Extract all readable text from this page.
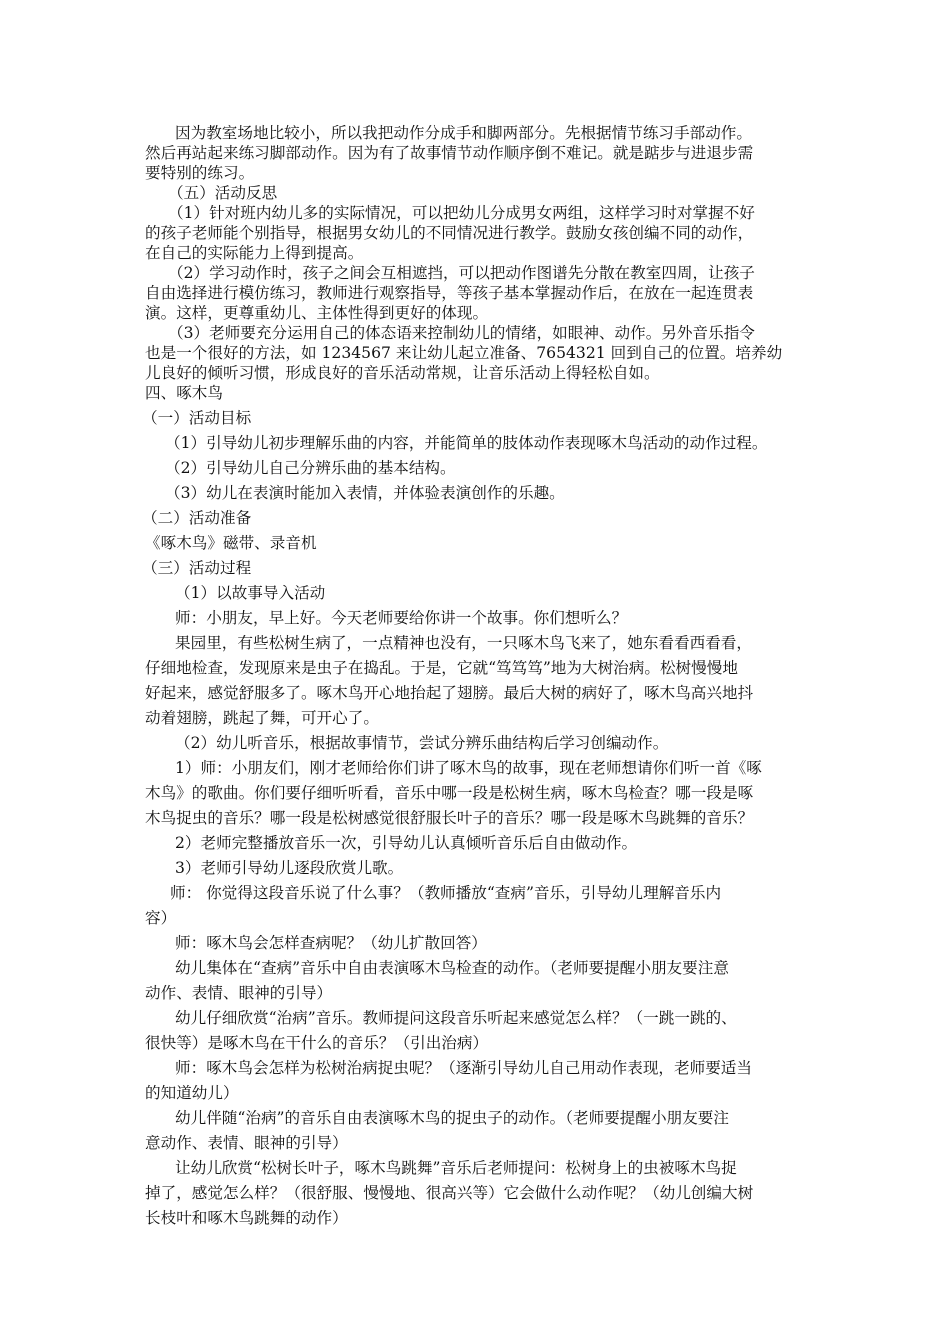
因为教室场地比较小，所以我把动作分成手和脚两部分。先根据情节练习手部动作。

然后再站起来练习脚部动作。因为有了故事情节动作顺序倒不难记。就是踮步与进退步需

要特别的练习。

（五）活动反思

（1）针对班内幼儿多的实际情况，可以把幼儿分成男女两组，这样学习时对掌握不好

的孩子老师能个别指导，根据男女幼儿的不同情况进行教学。鼓励女孩创编不同的动作，

在自己的实际能力上得到提高。

（2）学习动作时，孩子之间会互相遮挡，可以把动作图谱先分散在教室四周，让孩子

自由选择进行模仿练习，教师进行观察指导，等孩子基本掌握动作后，在放在一起连贯表

演。这样，更尊重幼儿、主体性得到更好的体现。

（3）老师要充分运用自己的体态语来控制幼儿的情绪，如眼神、动作。另外音乐指令

也是一个很好的方法，如 1234567 来让幼儿起立准备、7654321 回到自己的位置。培养幼

儿良好的倾听习惯，形成良好的音乐活动常规，让音乐活动上得轻松自如。

四、啄木鸟

（一）活动目标

（1）引导幼儿初步理解乐曲的内容，并能简单的肢体动作表现啄木鸟活动的动作过程。

（2）引导幼儿自己分辨乐曲的基本结构。

（3）幼儿在表演时能加入表情，并体验表演创作的乐趣。

（二）活动准备

《啄木鸟》磁带、录音机

（三）活动过程

（1）以故事导入活动

师：小朋友，早上好。今天老师要给你讲一个故事。你们想听么？

果园里，有些松树生病了，一点精神也没有，一只啄木鸟飞来了，她东看看西看看，

仔细地检查，发现原来是虫子在捣乱。于是，它就“笃笃笃”地为大树治病。松树慢慢地

好起来，感觉舒服多了。啄木鸟开心地抬起了翅膀。最后大树的病好了，啄木鸟高兴地抖

动着翅膀，跳起了舞，可开心了。

（2）幼儿听音乐，根据故事情节，尝试分辨乐曲结构后学习创编动作。

1）师：小朋友们，刚才老师给你们讲了啄木鸟的故事，现在老师想请你们听一首《啄

木鸟》的歌曲。你们要仔细听听看，音乐中哪一段是松树生病，啄木鸟检查？哪一段是啄

木鸟捉虫的音乐？哪一段是松树感觉很舒服长叶子的音乐？哪一段是啄木鸟跳舞的音乐？

2）老师完整播放音乐一次，引导幼儿认真倾听音乐后自由做动作。

3）老师引导幼儿逐段欣赏儿歌。

师： 你觉得这段音乐说了什么事？（教师播放“查病”音乐，引导幼儿理解音乐内

容）

师：啄木鸟会怎样查病呢？（幼儿扩散回答）

幼儿集体在“查病”音乐中自由表演啄木鸟检查的动作。（老师要提醒小朋友要注意

动作、表情、眼神的引导）

幼儿仔细欣赏“治病”音乐。教师提问这段音乐听起来感觉怎么样？（一跳一跳的、

很快等）是啄木鸟在干什么的音乐？（引出治病）

师：啄木鸟会怎样为松树治病捉虫呢？（逐渐引导幼儿自己用动作表现，老师要适当

的知道幼儿）

幼儿伴随“治病”的音乐自由表演啄木鸟的捉虫子的动作。（老师要提醒小朋友要注

意动作、表情、眼神的引导）

让幼儿欣赏“松树长叶子，啄木鸟跳舞”音乐后老师提问：松树身上的虫被啄木鸟捉

掉了，感觉怎么样？（很舒服、慢慢地、很高兴等）它会做什么动作呢？（幼儿创编大树

长枝叶和啄木鸟跳舞的动作）
